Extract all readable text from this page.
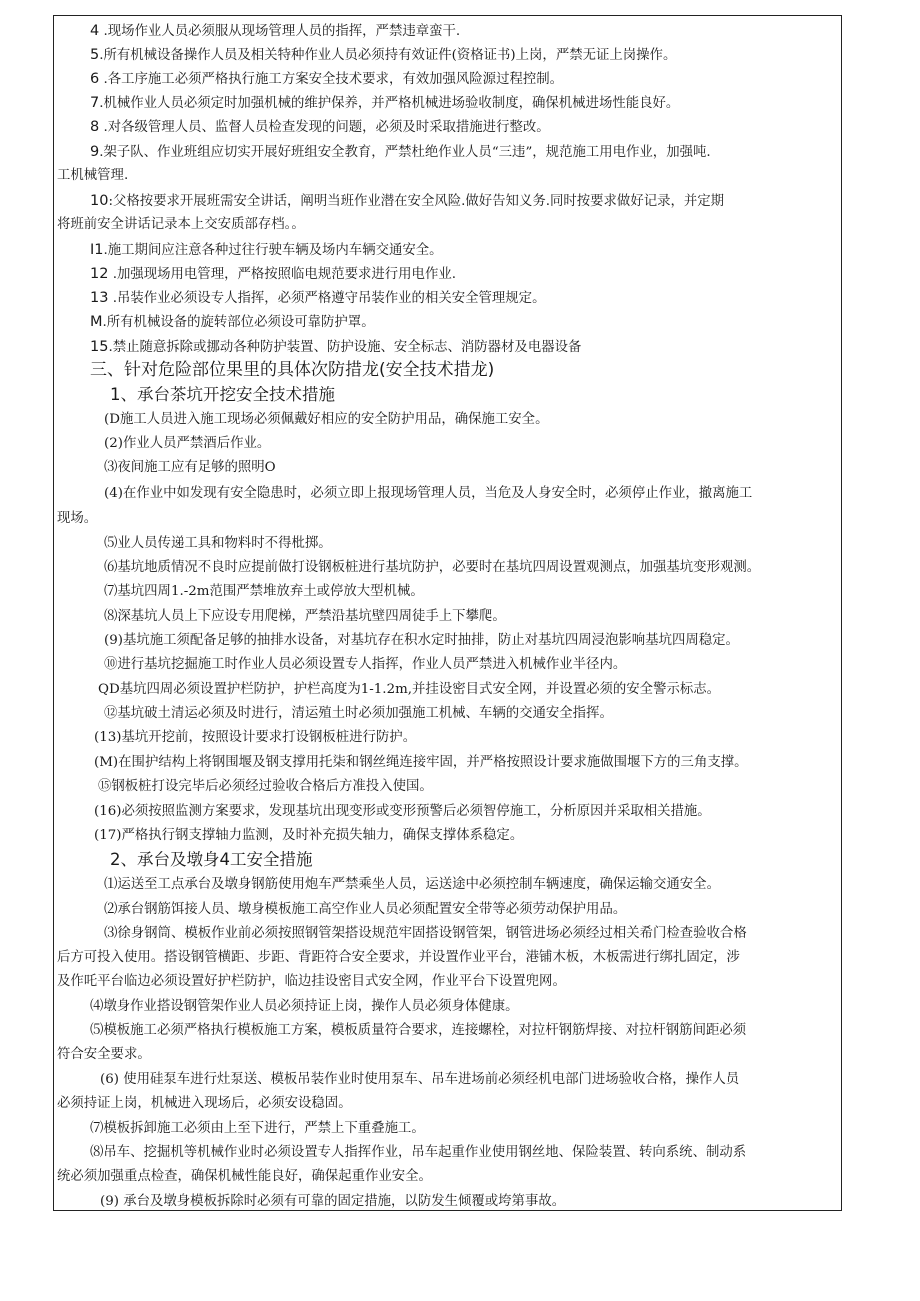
4 .现场作业人员必须服从现场管理人员的指挥，严禁违章蛮干.
5.所有机械设备操作人员及相关特种作业人员必须持有效证件(资格证书)上岗，严禁无证上岗操作。
6 .各工序施工必须严格执行施工方案安全技术要求，有效加强风险源过程控制。
7.机械作业人员必须定时加强机械的维护保养，并严格机械进场验收制度，确保机械进场性能良好。
8 .对各级管理人员、监督人员检查发现的问题，必须及时采取措施进行整改。
9.架子队、作业班组应切实开展好班组安全教育，严禁杜绝作业人员“三违”，规范施工用电作业，加强吨.
工机械管理.
10:父格按要求开展班需安全讲话，阐明当班作业潜在安全风险.做好告知义务.同时按要求做好记录，并定期
将班前安全讲话记录本上交安质部存档。。
I1.施工期间应注意各种过往行驶车辆及场内车辆交通安全。
12 .加强现场用电管理，严格按照临电规范要求进行用电作业.
13 .吊装作业必须设专人指挥，必须严格遵守吊装作业的相关安全管理规定。
M.所有机械设备的旋转部位必须设可靠防护罩。
15.禁止随意拆除或挪动各种防护装置、防护设施、安全标志、消防器材及电器设备
三、针对危险部位果里的具体次防措龙(安全技术措龙)
1、承台茶坑开挖安全技术措施
(D施工人员进入施工现场必须佩戴好相应的安全防护用品，确保施工安全。
(2)作业人员严禁酒后作业。
⑶夜间施工应有足够的照明O
(4)在作业中如发现有安全隐患时，必须立即上报现场管理人员，当危及人身安全时，必须停止作业，撤离施工
现场。
⑸业人员传递工具和物料时不得枇掷。
⑹基坑地质情况不良时应提前做打设钢板桩进行基坑防护，必要时在基坑四周设置观测点，加强基坑变形观测。
⑺基坑四周1.-2m范围严禁堆放弃土或停放大型机械。
⑻深基坑人员上下应设专用爬梯，严禁沿基坑壁四周徒手上下攀爬。
(9)基坑施工须配备足够的抽排水设备，对基坑存在积水定时抽排，防止对基坑四周浸泡影响基坑四周稳定。
⑩进行基坑挖掘施工时作业人员必须设置专人指挥，作业人员严禁进入机械作业半径内。
QD基坑四周必须设置护栏防护，护栏高度为1-1.2m,并挂设密目式安全网，并设置必须的安全警示标志。
⑫基坑破土清运必须及时进行，清运殖土时必须加强施工机械、车辆的交通安全指挥。
(13)基坑开挖前，按照设计要求打设钢板桩进行防护。
(M)在围护结构上将钢围堰及钢支撑用托柒和钢丝绳连接牢固，并严格按照设计要求施做围堰下方的三角支撑。
⑮钢板桩打设完毕后必须经过验收合格后方准投入使国。
(16)必须按照监测方案要求，发现基坑出现变形或变形预警后必须智停施工，分析原因并采取相关措施。
(17)严格执行钢支撑轴力监测，及时补充损失轴力，确保支撑体系稳定。
2、承台及墩身4工安全措施
⑴运送至工点承台及墩身钢筋使用炮车严禁乘坐人员，运送途中必须控制车辆速度，确保运输交通安全。
⑵承台钢筋饵接人员、墩身模板施工高空作业人员必须配置安全带等必须劳动保护用品。
⑶徐身钢筒、模板作业前必须按照钢管架搭设规范牢固搭设钢管架，钢管进场必须经过相关希门检查验收合格
后方可投入使用。搭设钢管横距、步距、背距符合安全要求，并设置作业平台，港铺木板，木板需进行绑扎固定，涉
及作吒平台临边必须设置好护栏防护，临边挂设密目式安全网，作业平台下设置兜网。
⑷墩身作业搭设钢管架作业人员必须持证上岗，操作人员必须身体健康。
⑸模板施工必须严格执行模板施工方案，模板质量符合要求，连接螺栓，对拉杆钢筋焊接、对拉杆钢筋间距必须
符合安全要求。
(6) 使用硅泵车进行灶泵送、模板吊装作业时使用泵车、吊车进场前必须经机电部门进场验收合格，操作人员
必须持证上岗，机械进入现场后，必须安设稳固。
⑺模板拆卸施工必须由上至下进行，严禁上下重叠施工。
⑻吊车、挖掘机等机械作业时必须设置专人指挥作业，吊车起重作业使用钢丝地、保险装置、转向系统、制动系
统必须加强重点检查，确保机械性能良好，确保起重作业安全。
(9) 承台及墩身模板拆除时必须有可靠的固定措施，以防发生倾覆或垮第事故。
